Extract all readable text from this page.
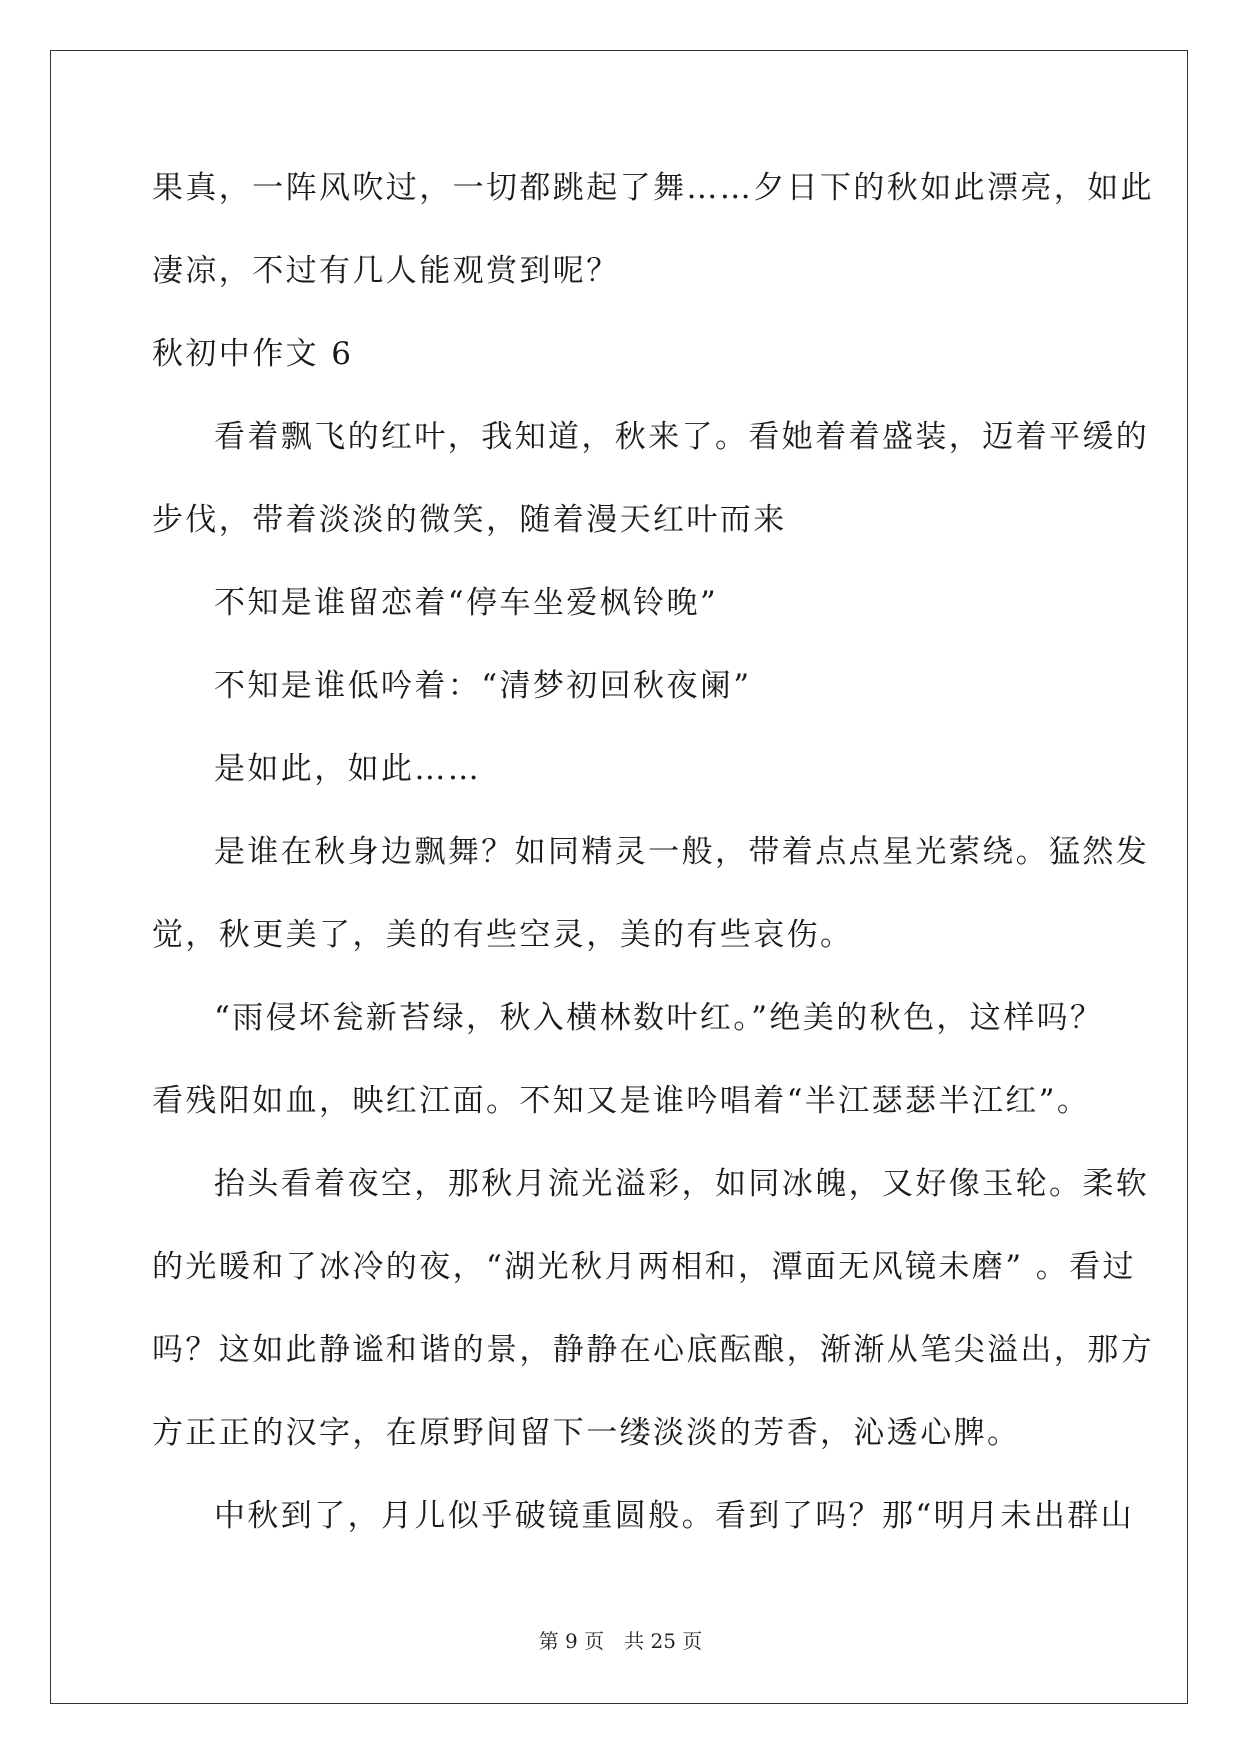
果真，一阵风吹过，一切都跳起了舞……夕日下的秋如此漂亮，如此

凄凉，不过有几人能观赏到呢？

秋初中作文 6

看着飘飞的红叶，我知道，秋来了。看她着着盛装，迈着平缓的

步伐，带着淡淡的微笑，随着漫天红叶而来

不知是谁留恋着“停车坐爱枫铃晚”

不知是谁低吟着：“清梦初回秋夜阑”

是如此，如此……

是谁在秋身边飘舞？如同精灵一般，带着点点星光萦绕。猛然发

觉，秋更美了，美的有些空灵，美的有些哀伤。

“雨侵坏瓮新苔绿，秋入横林数叶红。”绝美的秋色，这样吗？

看残阳如血，映红江面。不知又是谁吟唱着“半江瑟瑟半江红”。

抬头看着夜空，那秋月流光溢彩，如同冰魄，又好像玉轮。柔软

的光暖和了冰冷的夜，“湖光秋月两相和，潭面无风镜未磨” 。看过

吗？这如此静谧和谐的景，静静在心底酝酿，渐渐从笔尖溢出，那方

方正正的汉字，在原野间留下一缕淡淡的芳香，沁透心脾。

中秋到了，月儿似乎破镜重圆般。看到了吗？那“明月未出群山

第 9 页　共 25 页
